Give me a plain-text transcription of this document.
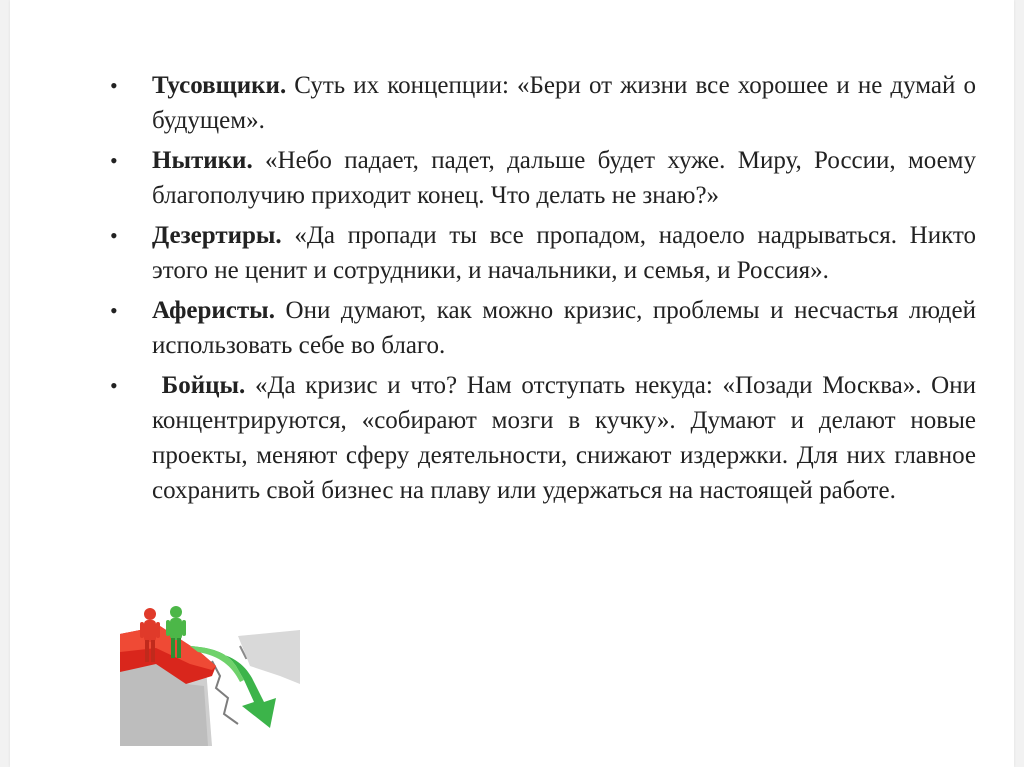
•	Тусовщики. Суть их концепции: «Бери от жизни все хорошее и не думай о будущем».
•	Нытики. «Небо падает, падет, дальше будет хуже. Миру, России, моему благополучию приходит конец. Что делать не знаю?»
•	Дезертиры. «Да пропади ты все пропадом, надоело надрываться. Никто этого не ценит и сотрудники, и начальники, и семья, и Россия».
•	Аферисты. Они думают, как можно кризис, проблемы и несчастья людей использовать себе во благо.
•	Бойцы. «Да кризис и что? Нам отступать некуда: «Позади Москва». Они концентрируются, «собирают мозги в кучку». Думают и делают новые проекты, меняют сферу деятельности, снижают издержки. Для них главное сохранить свой бизнес на плаву или удержаться на настоящей работе.
